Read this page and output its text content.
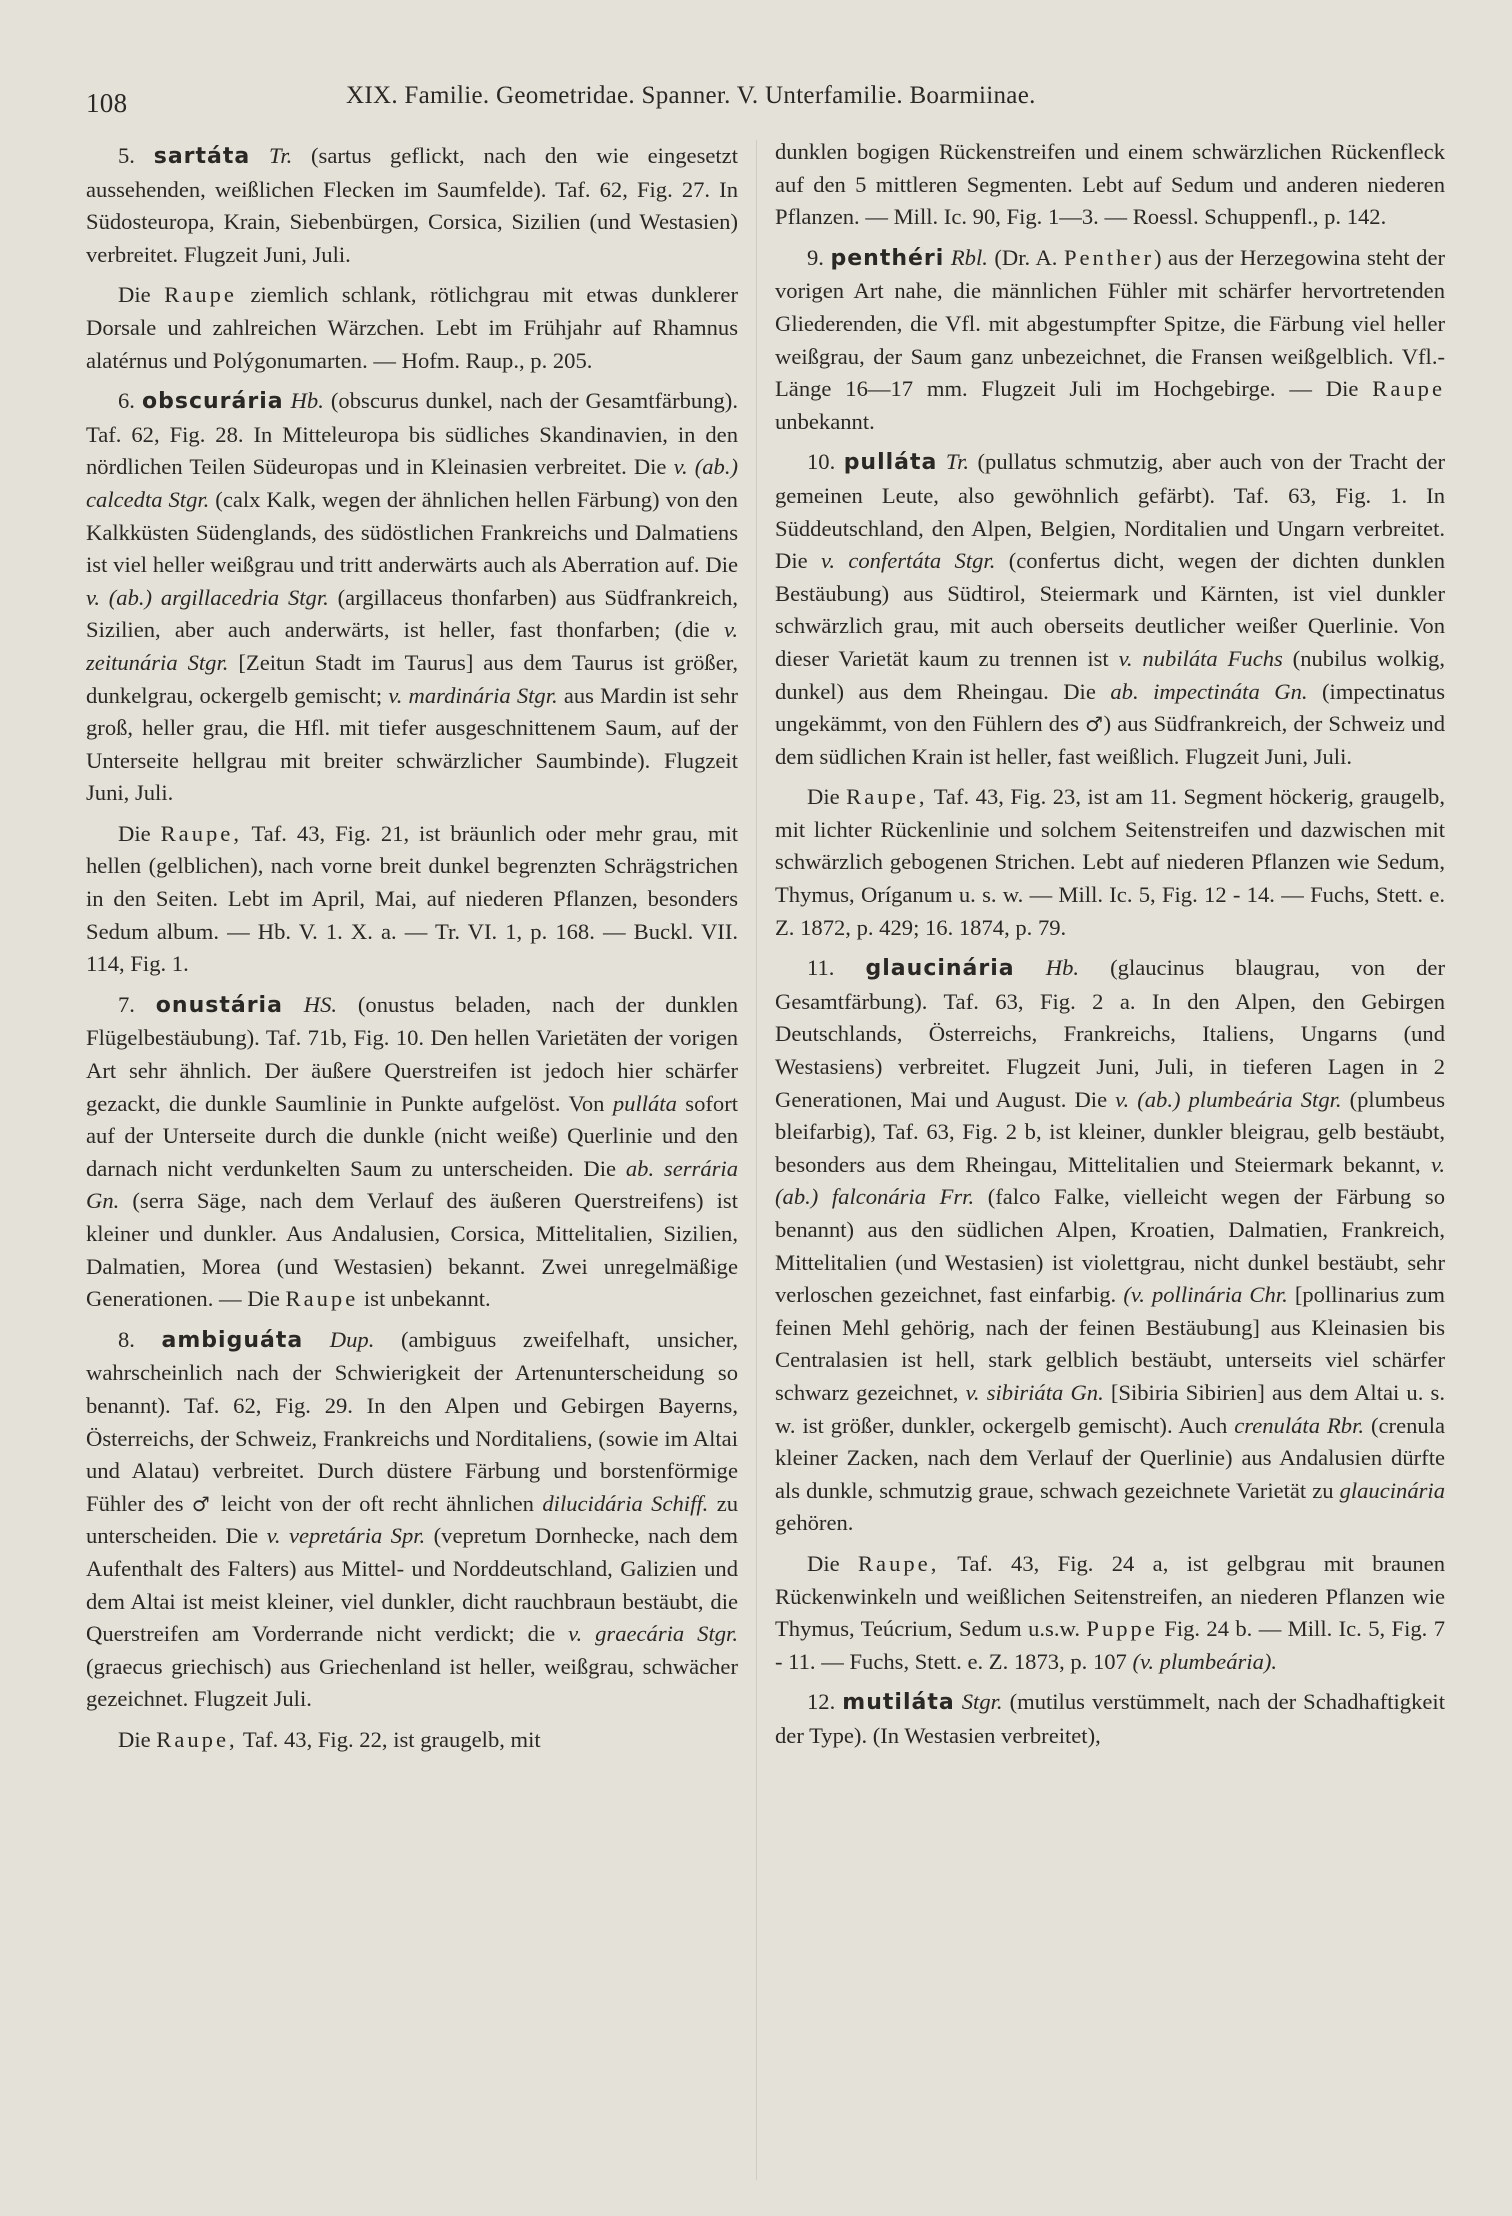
108	XIX. Familie. Geometridae. Spanner. V. Unterfamilie. Boarmiinae.

5. sartáta Tr. (sartus geflickt, nach den wie eingesetzt aussehenden, weißlichen Flecken im Saumfelde). Taf. 62, Fig. 27. In Südosteuropa, Krain, Siebenbürgen, Corsica, Sizilien (und Westasien) verbreitet. Flugzeit Juni, Juli.

Die Raupe ziemlich schlank, rötlichgrau mit etwas dunklerer Dorsale und zahlreichen Wärzchen. Lebt im Frühjahr auf Rhamnus alatérnus und Polýgonumarten. — Hofm. Raup., p. 205.

6. obscurária Hb. (obscurus dunkel, nach der Gesamtfärbung). Taf. 62, Fig. 28. In Mitteleuropa bis südliches Skandinavien, in den nördlichen Teilen Südeuropas und in Kleinasien verbreitet. Die v. (ab.) calcedta Stgr. (calx Kalk, wegen der ähnlichen hellen Färbung) von den Kalkküsten Südenglands, des südöstlichen Frankreichs und Dalmatiens ist viel heller weißgrau und tritt anderwärts auch als Aberration auf. Die v. (ab.) argillacedria Stgr. (argillaceus thonfarben) aus Südfrankreich, Sizilien, aber auch anderwärts, ist heller, fast thonfarben; (die v. zeitunária Stgr. [Zeitun Stadt im Taurus] aus dem Taurus ist größer, dunkelgrau, ockergelb gemischt; v. mardinária Stgr. aus Mardin ist sehr groß, heller grau, die Hfl. mit tiefer ausgeschnittenem Saum, auf der Unterseite hellgrau mit breiter schwärzlicher Saumbinde). Flugzeit Juni, Juli.

Die Raupe, Taf. 43, Fig. 21, ist bräunlich oder mehr grau, mit hellen (gelblichen), nach vorne breit dunkel begrenzten Schrägstrichen in den Seiten. Lebt im April, Mai, auf niederen Pflanzen, besonders Sedum album. — Hb. V. 1. X. a. — Tr. VI. 1, p. 168. — Buckl. VII. 114, Fig. 1.

7. onustária HS. (onustus beladen, nach der dunklen Flügelbestäubung). Taf. 71b, Fig. 10. Den hellen Varietäten der vorigen Art sehr ähnlich. Der äußere Querstreifen ist jedoch hier schärfer gezackt, die dunkle Saumlinie in Punkte aufgelöst. Von pulláta sofort auf der Unterseite durch die dunkle (nicht weiße) Querlinie und den darnach nicht verdunkelten Saum zu unterscheiden. Die ab. serrária Gn. (serra Säge, nach dem Verlauf des äußeren Querstreifens) ist kleiner und dunkler. Aus Andalusien, Corsica, Mittelitalien, Sizilien, Dalmatien, Morea (und Westasien) bekannt. Zwei unregelmäßige Generationen. — Die Raupe ist unbekannt.

8. ambiguáta Dup. (ambiguus zweifelhaft, unsicher, wahrscheinlich nach der Schwierigkeit der Artenunterscheidung so benannt). Taf. 62, Fig. 29. In den Alpen und Gebirgen Bayerns, Österreichs, der Schweiz, Frankreichs und Norditaliens, (sowie im Altai und Alatau) verbreitet. Durch düstere Färbung und borstenförmige Fühler des ♂ leicht von der oft recht ähnlichen dilucidária Schiff. zu unterscheiden. Die v. vepretária Spr. (vepretum Dornhecke, nach dem Aufenthalt des Falters) aus Mittel- und Norddeutschland, Galizien und dem Altai ist meist kleiner, viel dunkler, dicht rauchbraun bestäubt, die Querstreifen am Vorderrande nicht verdickt; die v. graecária Stgr. (graecus griechisch) aus Griechenland ist heller, weißgrau, schwächer gezeichnet. Flugzeit Juli.

Die Raupe, Taf. 43, Fig. 22, ist graugelb, mit

dunklen bogigen Rückenstreifen und einem schwärzlichen Rückenfleck auf den 5 mittleren Segmenten. Lebt auf Sedum und anderen niederen Pflanzen. — Mill. Ic. 90, Fig. 1—3. — Roessl. Schuppenfl., p. 142.

9. penthéri Rbl. (Dr. A. Penther) aus der Herzegowina steht der vorigen Art nahe, die männlichen Fühler mit schärfer hervortretenden Gliederenden, die Vfl. mit abgestumpfter Spitze, die Färbung viel heller weißgrau, der Saum ganz unbezeichnet, die Fransen weißgelblich. Vfl.-Länge 16—17 mm. Flugzeit Juli im Hochgebirge. — Die Raupe unbekannt.

10. pulláta Tr. (pullatus schmutzig, aber auch von der Tracht der gemeinen Leute, also gewöhnlich gefärbt). Taf. 63, Fig. 1. In Süddeutschland, den Alpen, Belgien, Norditalien und Ungarn verbreitet. Die v. confertáta Stgr. (confertus dicht, wegen der dichten dunklen Bestäubung) aus Südtirol, Steiermark und Kärnten, ist viel dunkler schwärzlich grau, mit auch oberseits deutlicher weißer Querlinie. Von dieser Varietät kaum zu trennen ist v. nubiláta Fuchs (nubilus wolkig, dunkel) aus dem Rheingau. Die ab. impectináta Gn. (impectinatus ungekämmt, von den Fühlern des ♂) aus Südfrankreich, der Schweiz und dem südlichen Krain ist heller, fast weißlich. Flugzeit Juni, Juli.

Die Raupe, Taf. 43, Fig. 23, ist am 11. Segment höckerig, graugelb, mit lichter Rückenlinie und solchem Seitenstreifen und dazwischen mit schwärzlich gebogenen Strichen. Lebt auf niederen Pflanzen wie Sedum, Thymus, Oríganum u. s. w. — Mill. Ic. 5, Fig. 12 - 14. — Fuchs, Stett. e. Z. 1872, p. 429; 16. 1874, p. 79.

11. glaucinária Hb. (glaucinus blaugrau, von der Gesamtfärbung). Taf. 63, Fig. 2 a. In den Alpen, den Gebirgen Deutschlands, Österreichs, Frankreichs, Italiens, Ungarns (und Westasiens) verbreitet. Flugzeit Juni, Juli, in tieferen Lagen in 2 Generationen, Mai und August. Die v. (ab.) plumbeária Stgr. (plumbeus bleifarbig), Taf. 63, Fig. 2 b, ist kleiner, dunkler bleigrau, gelb bestäubt, besonders aus dem Rheingau, Mittelitalien und Steiermark bekannt, v. (ab.) falconária Frr. (falco Falke, vielleicht wegen der Färbung so benannt) aus den südlichen Alpen, Kroatien, Dalmatien, Frankreich, Mittelitalien (und Westasien) ist violettgrau, nicht dunkel bestäubt, sehr verloschen gezeichnet, fast einfarbig. (v. pollinária Chr. [pollinarius zum feinen Mehl gehörig, nach der feinen Bestäubung] aus Kleinasien bis Centralasien ist hell, stark gelblich bestäubt, unterseits viel schärfer schwarz gezeichnet, v. sibiriáta Gn. [Sibiria Sibirien] aus dem Altai u. s. w. ist größer, dunkler, ockergelb gemischt). Auch crenuláta Rbr. (crenula kleiner Zacken, nach dem Verlauf der Querlinie) aus Andalusien dürfte als dunkle, schmutzig graue, schwach gezeichnete Varietät zu glaucinária gehören.

Die Raupe, Taf. 43, Fig. 24 a, ist gelbgrau mit braunen Rückenwinkeln und weißlichen Seitenstreifen, an niederen Pflanzen wie Thymus, Teúcrium, Sedum u.s.w. Puppe Fig. 24 b. — Mill. Ic. 5, Fig. 7 - 11. — Fuchs, Stett. e. Z. 1873, p. 107 (v. plumbeária).

12. mutiláta Stgr. (mutilus verstümmelt, nach der Schadhaftigkeit der Type). (In Westasien verbreitet),
